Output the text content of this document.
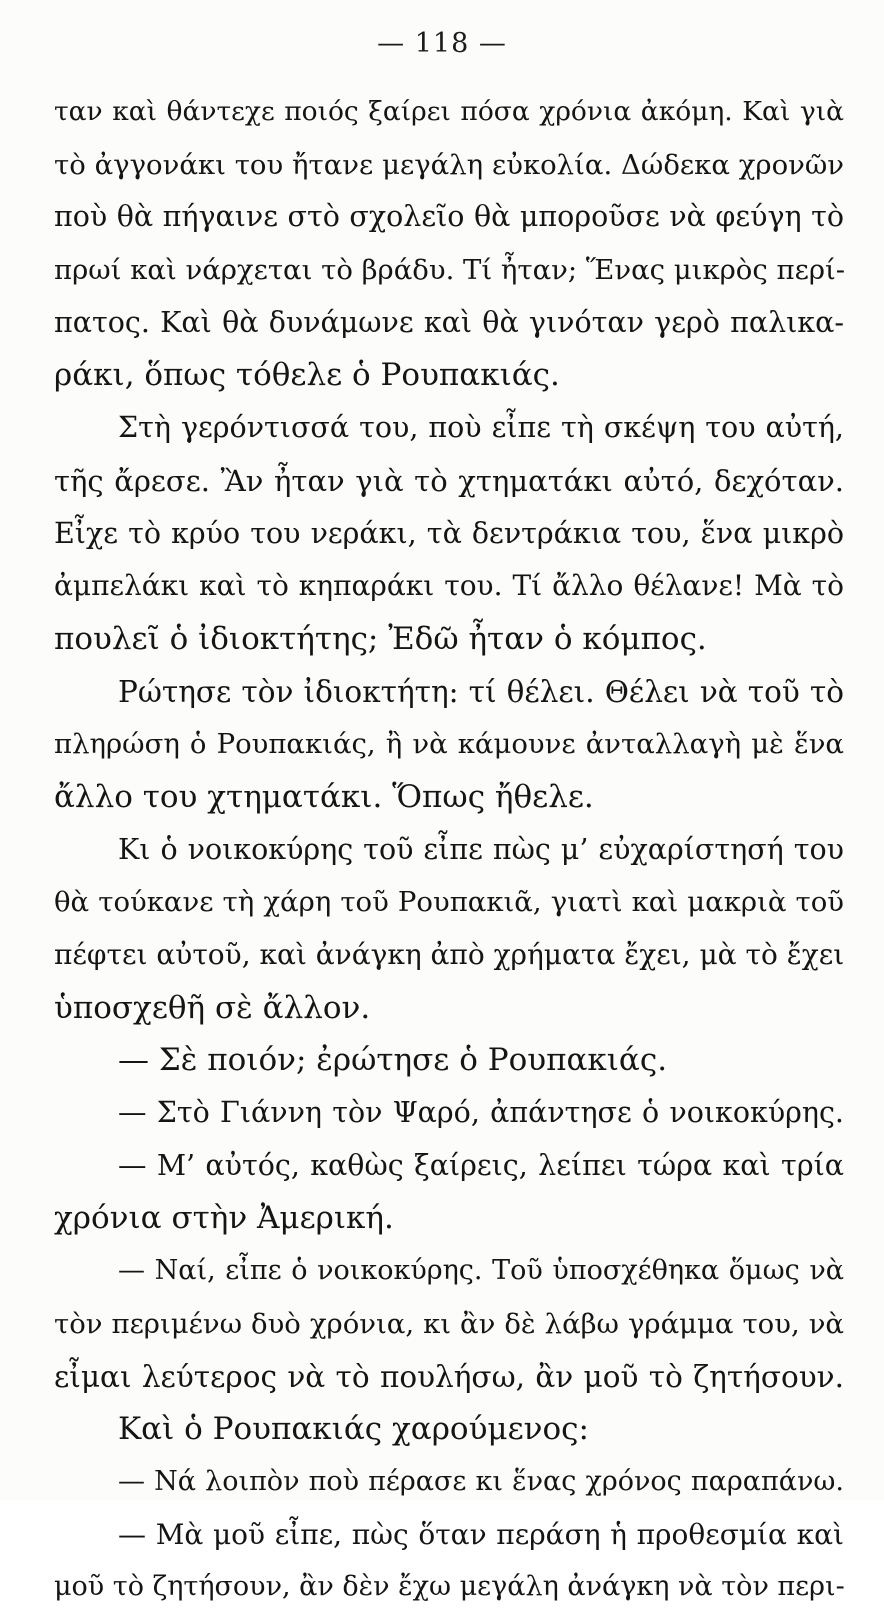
— 118 —
ταν καὶ θάντεχε ποιός ξαίρει πόσα χρόνια ἀκόμη. Καὶ γιὰ
τὸ ἀγγονάκι του ἤτανε μεγάλη εὐκολία. Δώδεκα χρονῶν
ποὺ θὰ πήγαινε στὸ σχολεῖο θὰ μποροῦσε νὰ φεύγη τὸ
πρωί καὶ νάρχεται τὸ βράδυ. Τί ἦταν; Ἕνας μικρὸς περί-
πατος. Καὶ θὰ δυνάμωνε καὶ θὰ γινόταν γερὸ παλικα-
ράκι, ὅπως τόθελε ὁ Ρουπακιάς.
Στὴ γερόντισσά του, ποὺ εἶπε τὴ σκέψη του αὐτή,
τῆς ἄρεσε. Ἂν ἦταν γιὰ τὸ χτηματάκι αὐτό, δεχόταν.
Εἶχε τὸ κρύο του νεράκι, τὰ δεντράκια του, ἕνα μικρὸ
ἀμπελάκι καὶ τὸ κηπαράκι του. Τί ἄλλο θέλανε! Μὰ τὸ
πουλεῖ ὁ ἰδιοκτήτης; Ἐδῶ ἦταν ὁ κόμπος.
Ρώτησε τὸν ἰδιοκτήτη: τί θέλει. Θέλει νὰ τοῦ τὸ
πληρώση ὁ Ρουπακιάς, ἢ νὰ κάμουνε ἀνταλλαγὴ μὲ ἕνα
ἄλλο του χτηματάκι. Ὅπως ἤθελε.
Κι ὁ νοικοκύρης τοῦ εἶπε πὼς μ’ εὐχαρίστησή του
θὰ τούκανε τὴ χάρη τοῦ Ρουπακιᾶ, γιατὶ καὶ μακριὰ τοῦ
πέφτει αὐτοῦ, καὶ ἀνάγκη ἀπὸ χρήματα ἔχει, μὰ τὸ ἔχει
ὑποσχεθῆ σὲ ἄλλον.
— Σὲ ποιόν; ἐρώτησε ὁ Ρουπακιάς.
— Στὸ Γιάννη τὸν Ψαρό, ἀπάντησε ὁ νοικοκύρης.
— Μ’ αὐτός, καθὼς ξαίρεις, λείπει τώρα καὶ τρία
χρόνια στὴν Ἀμερική.
— Ναί, εἶπε ὁ νοικοκύρης. Τοῦ ὑποσχέθηκα ὅμως νὰ
τὸν περιμένω δυὸ χρόνια, κι ἂν δὲ λάβω γράμμα του, νὰ
εἶμαι λεύτερος νὰ τὸ πουλήσω, ἂν μοῦ τὸ ζητήσουν.
Καὶ ὁ Ρουπακιάς χαρούμενος:
— Νά λοιπὸν ποὺ πέρασε κι ἕνας χρόνος παραπάνω.
— Μὰ μοῦ εἶπε, πὼς ὅταν περάση ἡ προθεσμία καὶ
μοῦ τὸ ζητήσουν, ἂν δὲν ἔχω μεγάλη ἀνάγκη νὰ τὸν περι-
